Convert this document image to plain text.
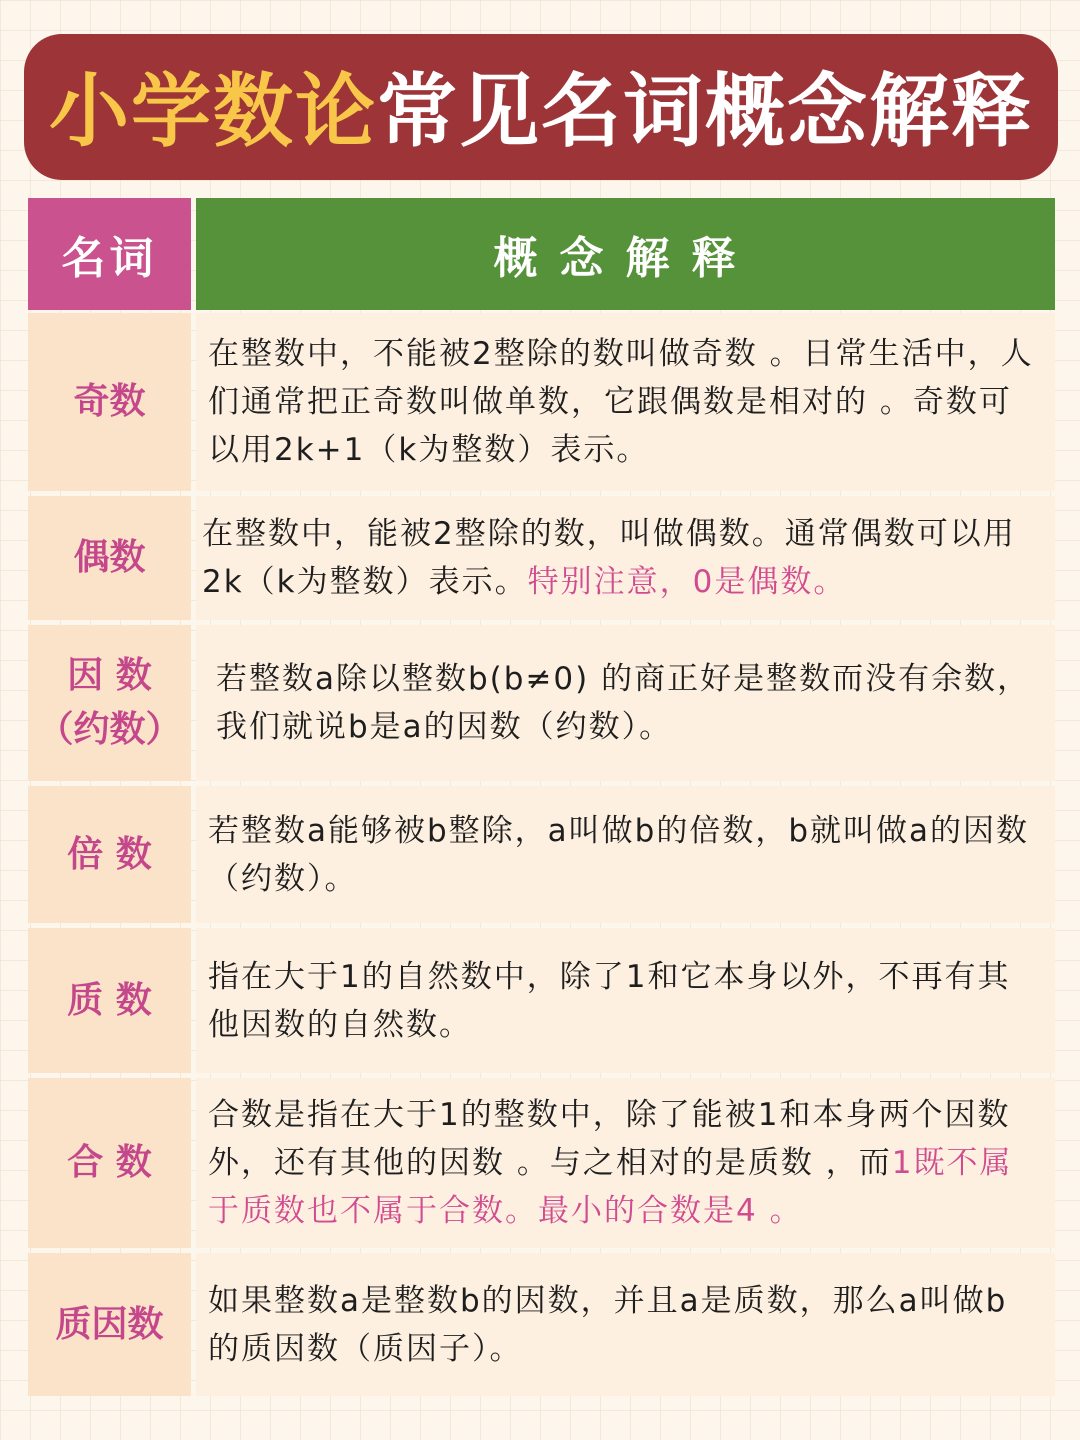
小学数论常见名词概念解释
名词	概念解释
奇数

在整数中，不能被2整除的数叫做奇数 。日常生活中，人们通常把正奇数叫做单数，它跟偶数是相对的 。奇数可以用2k+1（k为整数）表示。

偶数

在整数中，能被2整除的数，叫做偶数。通常偶数可以用2k（k为整数）表示。特别注意，0是偶数。

因 数
（约数）

若整数a除以整数b(b≠0) 的商正好是整数而没有余数，我们就说b是a的因数（约数）。

倍 数

若整数a能够被b整除，a叫做b的倍数，b就叫做a的因数（约数）。

质 数

指在大于1的自然数中，除了1和它本身以外，不再有其他因数的自然数。

合 数

合数是指在大于1的整数中，除了能被1和本身两个因数外，还有其他的因数 。与之相对的是质数 ，而1既不属于质数也不属于合数。最小的合数是4 。

质因数

如果整数a是整数b的因数，并且a是质数，那么a叫做b的质因数（质因子）。
